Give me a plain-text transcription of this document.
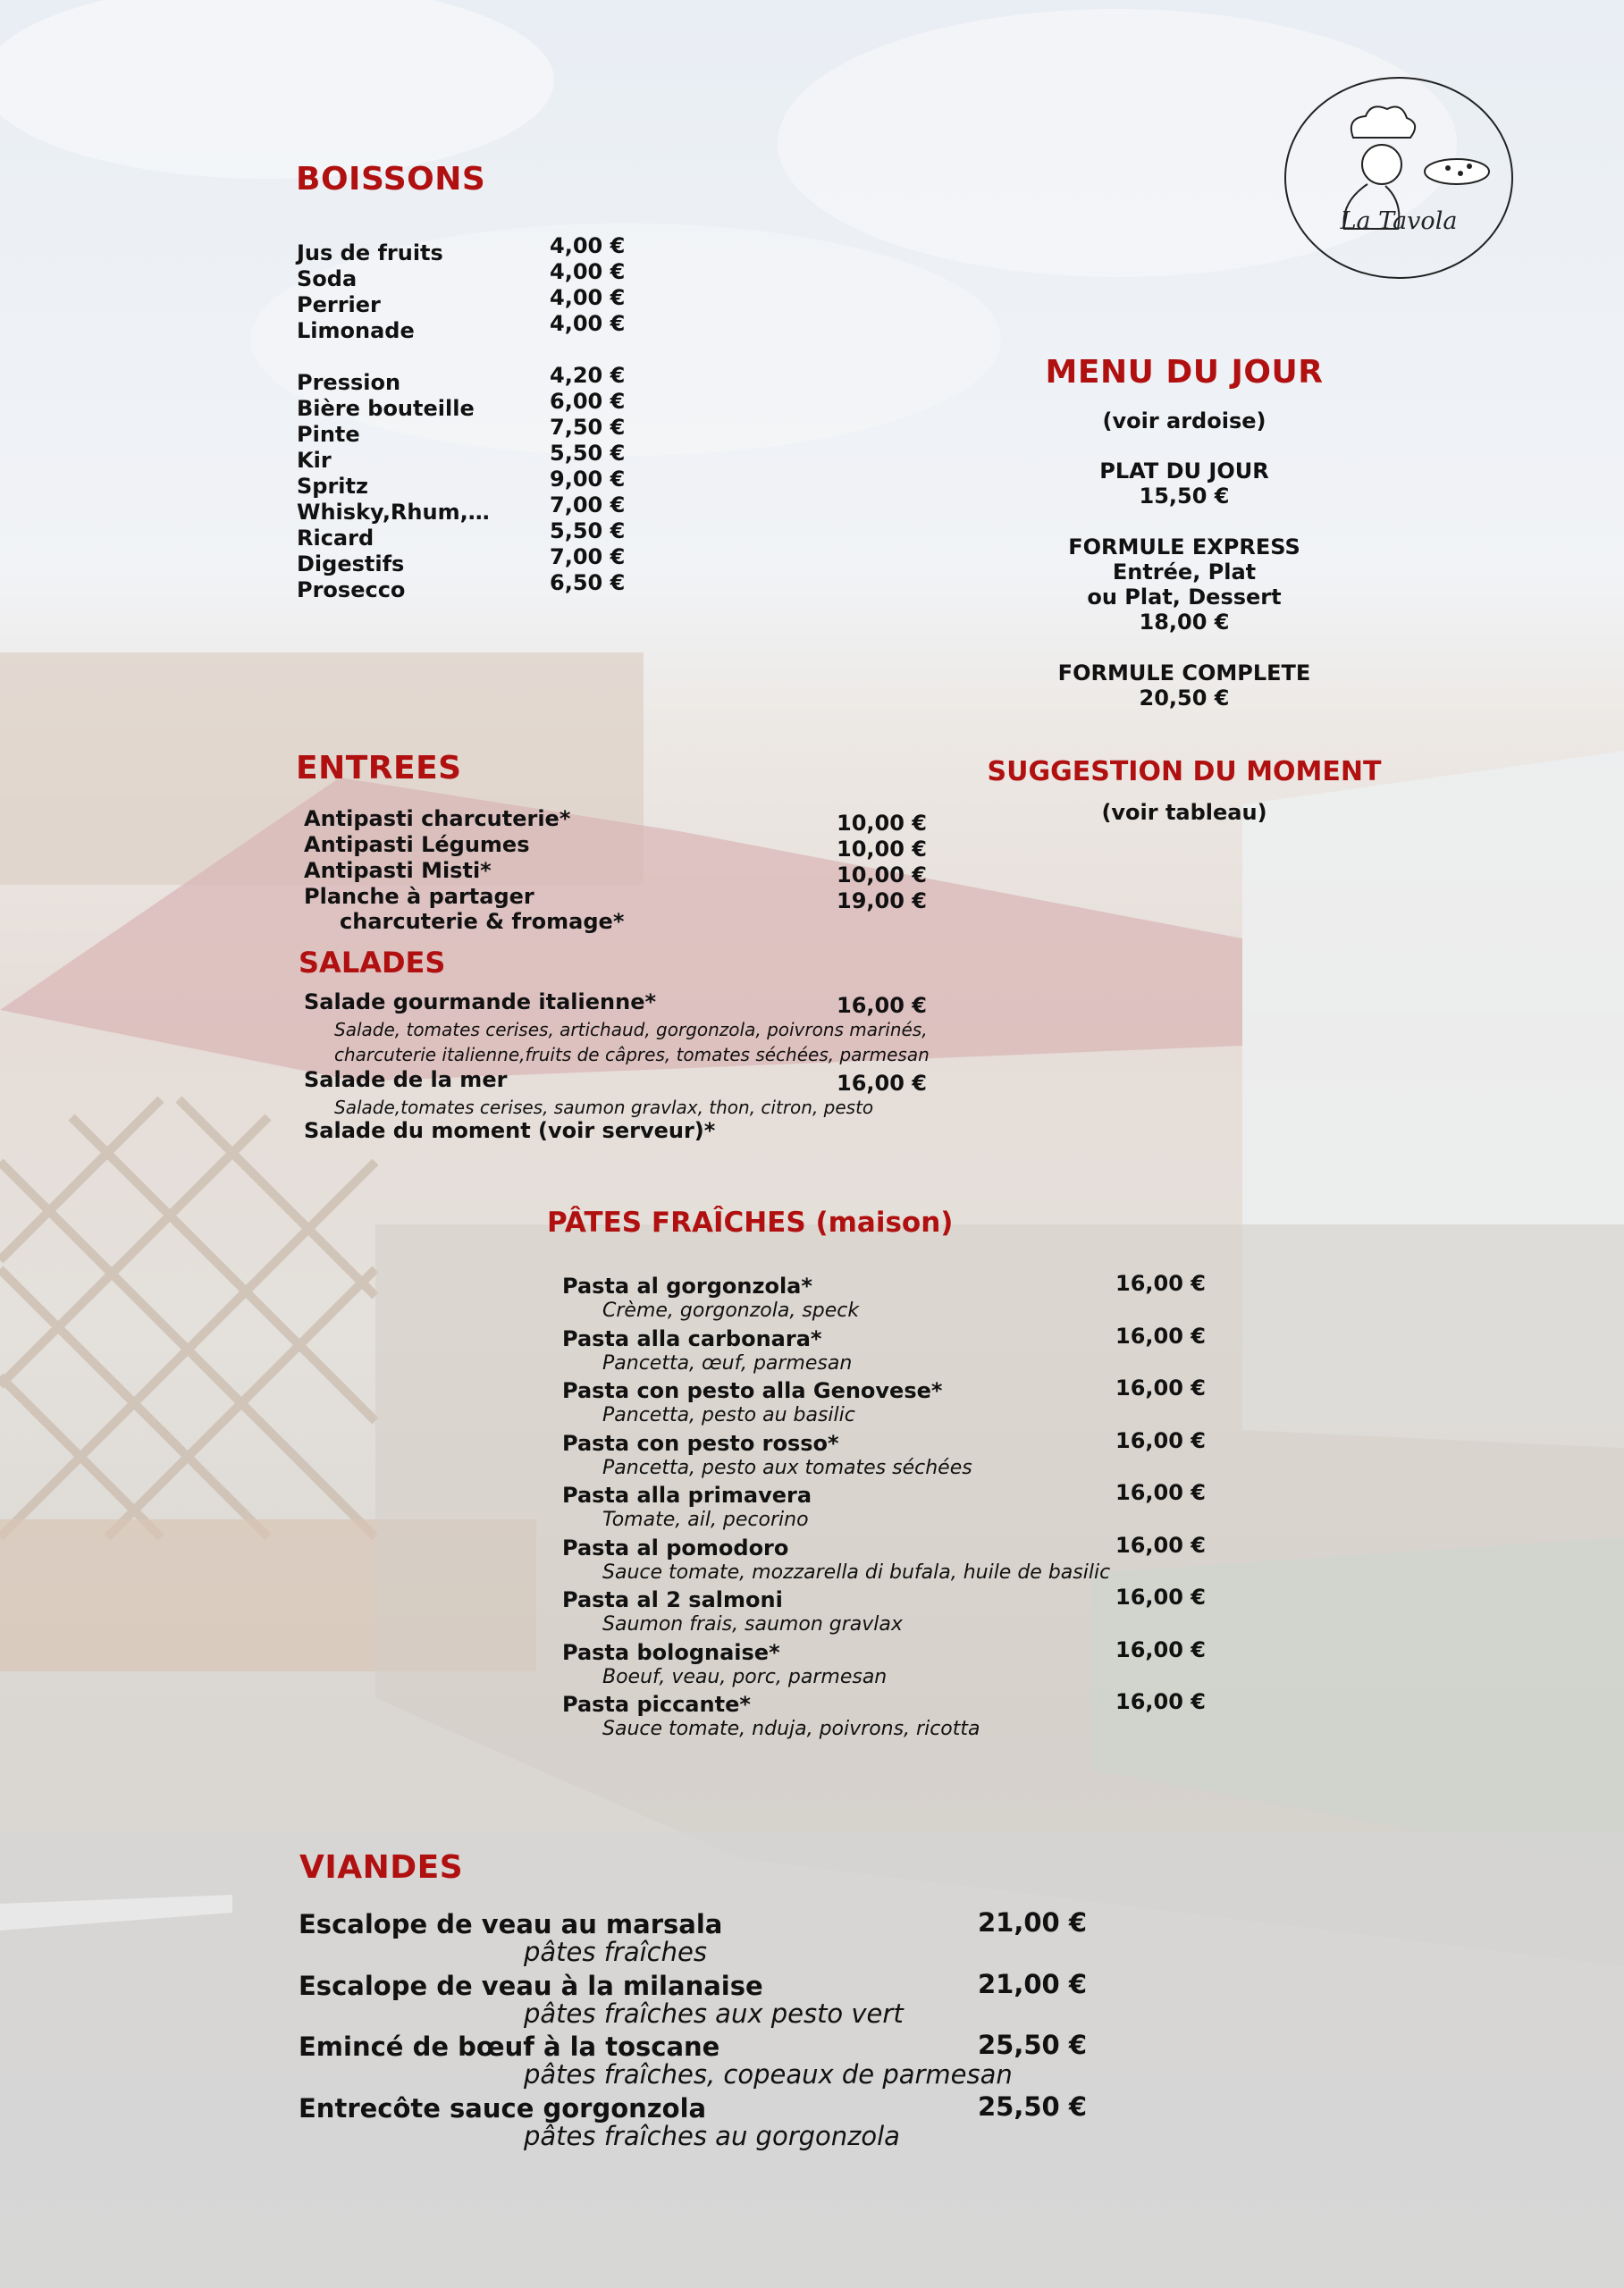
La Tavola
BOISSONS
Jus de fruits	4,00 €
Soda	4,00 €
Perrier	4,00 €
Limonade	4,00 €
Pression	4,20 €
Bière bouteille	6,00 €
Pinte	7,50 €
Kir	5,50 €
Spritz	9,00 €
Whisky,Rhum,…	7,00 €
Ricard	5,50 €
Digestifs	7,00 €
Prosecco	6,50 €
MENU DU JOUR
(voir ardoise)
PLAT DU JOUR
15,50 €
FORMULE EXPRESS
Entrée, Plat
ou Plat, Dessert
18,00 €
FORMULE COMPLETE
20,50 €
SUGGESTION DU MOMENT
(voir tableau)
ENTREES
Antipasti charcuterie*	10,00 €
Antipasti Légumes	10,00 €
Antipasti Misti*	10,00 €
Planche à partager	19,00 €
charcuterie & fromage*
SALADES
Salade gourmande italienne*	16,00 €
Salade, tomates cerises, artichaud, gorgonzola, poivrons marinés,
charcuterie italienne,fruits de câpres, tomates séchées, parmesan
Salade de la mer	16,00 €
Salade,tomates cerises, saumon gravlax, thon, citron, pesto
Salade du moment (voir serveur)*
PÂTES FRAÎCHES (maison)
Pasta al gorgonzola*
Crème, gorgonzola, speck
16,00 €
Pasta alla carbonara*
Pancetta, œuf, parmesan
16,00 €
Pasta con pesto alla Genovese*
Pancetta, pesto au basilic
16,00 €
Pasta con pesto rosso*
Pancetta, pesto aux tomates séchées
16,00 €
Pasta alla primavera
Tomate, ail, pecorino
16,00 €
Pasta al pomodoro
Sauce tomate, mozzarella di bufala, huile de basilic
16,00 €
Pasta al 2 salmoni
Saumon frais, saumon gravlax
16,00 €
Pasta bolognaise*
Boeuf, veau, porc, parmesan
16,00 €
Pasta piccante*
Sauce tomate, nduja, poivrons, ricotta
16,00 €
VIANDES
Escalope de veau au marsala
pâtes fraîches
21,00 €
Escalope de veau à la milanaise
pâtes fraîches aux pesto vert
21,00 €
Emincé de bœuf à la toscane
pâtes fraîches, copeaux de parmesan
25,50 €
Entrecôte sauce gorgonzola
pâtes fraîches au gorgonzola
25,50 €
